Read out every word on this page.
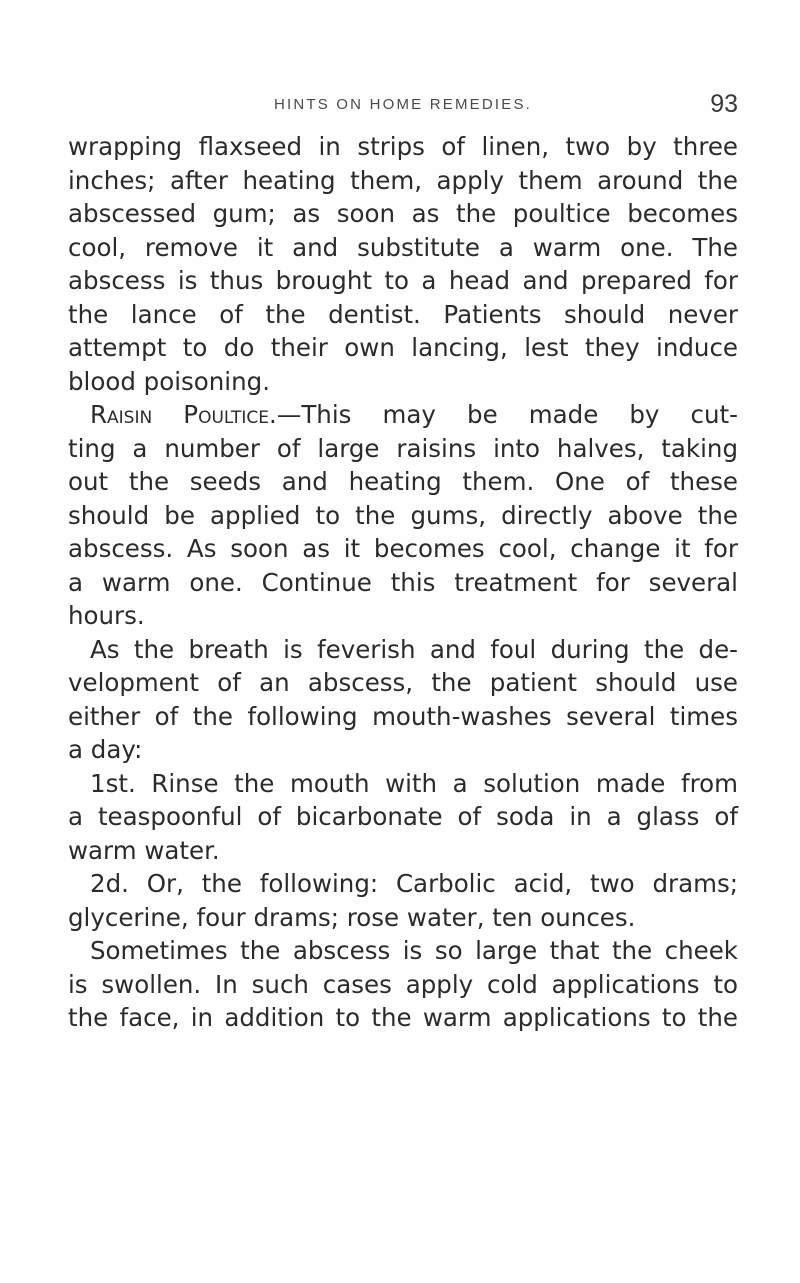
HINTS ON HOME REMEDIES.	93
wrapping flaxseed in strips of linen, two by three
inches; after heating them, apply them around the
abscessed gum; as soon as the poultice becomes
cool, remove it and substitute a warm one. The
abscess is thus brought to a head and prepared for
the lance of the dentist. Patients should never
attempt to do their own lancing, lest they induce
blood poisoning.
Raisin Poultice.—This may be made by cut-
ting a number of large raisins into halves, taking
out the seeds and heating them. One of these
should be applied to the gums, directly above the
abscess. As soon as it becomes cool, change it for
a warm one. Continue this treatment for several
hours.
As the breath is feverish and foul during the de-
velopment of an abscess, the patient should use
either of the following mouth-washes several times
a day:
1st. Rinse the mouth with a solution made from
a teaspoonful of bicarbonate of soda in a glass of
warm water.
2d. Or, the following: Carbolic acid, two drams;
glycerine, four drams; rose water, ten ounces.
Sometimes the abscess is so large that the cheek
is swollen. In such cases apply cold applications to
the face, in addition to the warm applications to the
